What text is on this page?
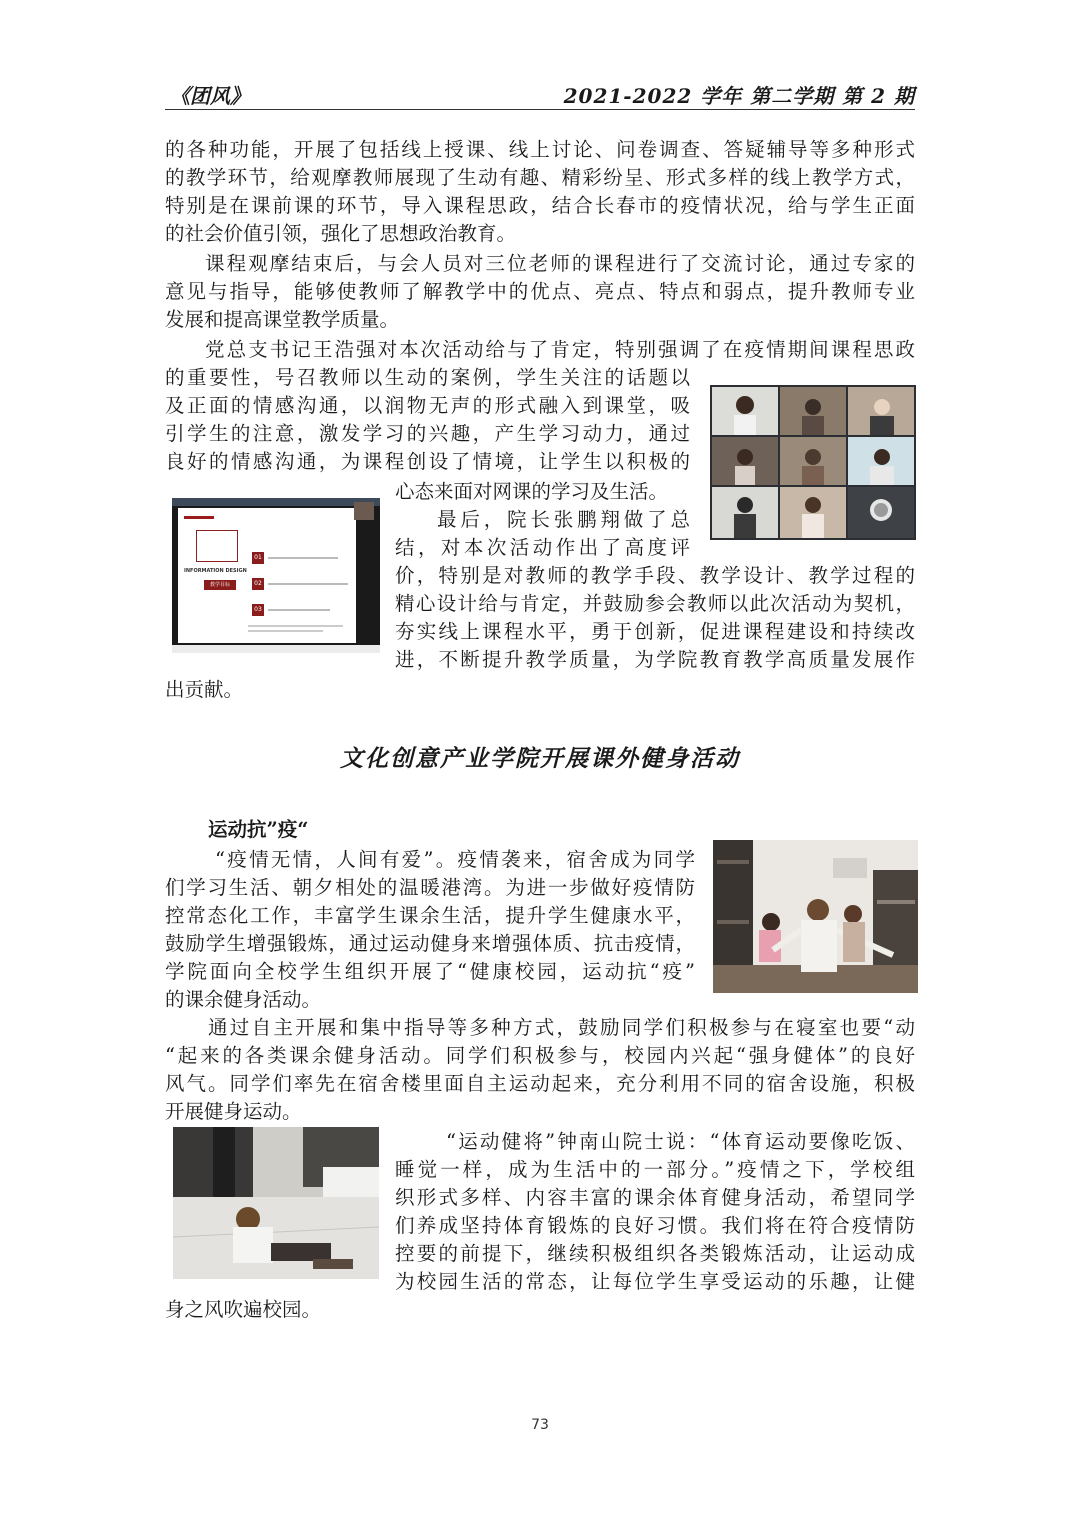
《团风》	2021-2022 学年 第二学期 第 2 期
的各种功能，开展了包括线上授课、线上讨论、问卷调查、答疑辅导等多种形式
的教学环节，给观摩教师展现了生动有趣、精彩纷呈、形式多样的线上教学方式，
特别是在课前课的环节，导入课程思政，结合长春市的疫情状况，给与学生正面
的社会价值引领，强化了思想政治教育。
课程观摩结束后，与会人员对三位老师的课程进行了交流讨论，通过专家的
意见与指导，能够使教师了解教学中的优点、亮点、特点和弱点，提升教师专业
发展和提高课堂教学质量。
党总支书记王浩强对本次活动给与了肯定，特别强调了在疫情期间课程思政
的重要性，号召教师以生动的案例，学生关注的话题以
及正面的情感沟通，以润物无声的形式融入到课堂，吸
引学生的注意，激发学习的兴趣，产生学习动力，通过
良好的情感沟通，为课程创设了情境，让学生以积极的
心态来面对网课的学习及生活。
最后，院长张鹏翔做了总
结，对本次活动作出了高度评
价，特别是对教师的教学手段、教学设计、教学过程的
精心设计给与肯定，并鼓励参会教师以此次活动为契机，
夯实线上课程水平，勇于创新，促进课程建设和持续改
进，不断提升教学质量，为学院教育教学高质量发展作
出贡献。
INFORMATION DESIGN
教学目标
01
02
03
文化创意产业学院开展课外健身活动
运动抗”疫“
“疫情无情，人间有爱”。疫情袭来，宿舍成为同学
们学习生活、朝夕相处的温暖港湾。为进一步做好疫情防
控常态化工作，丰富学生课余生活，提升学生健康水平，
鼓励学生增强锻炼，通过运动健身来增强体质、抗击疫情，
学院面向全校学生组织开展了“健康校园，运动抗“疫”
的课余健身活动。
通过自主开展和集中指导等多种方式，鼓励同学们积极参与在寝室也要“动
“起来的各类课余健身活动。同学们积极参与，校园内兴起“强身健体”的良好
风气。同学们率先在宿舍楼里面自主运动起来，充分利用不同的宿舍设施，积极
开展健身运动。
“运动健将”钟南山院士说：“体育运动要像吃饭、
睡觉一样，成为生活中的一部分。”疫情之下，学校组
织形式多样、内容丰富的课余体育健身活动，希望同学
们养成坚持体育锻炼的良好习惯。我们将在符合疫情防
控要的前提下，继续积极组织各类锻炼活动，让运动成
为校园生活的常态，让每位学生享受运动的乐趣，让健
身之风吹遍校园。
73
